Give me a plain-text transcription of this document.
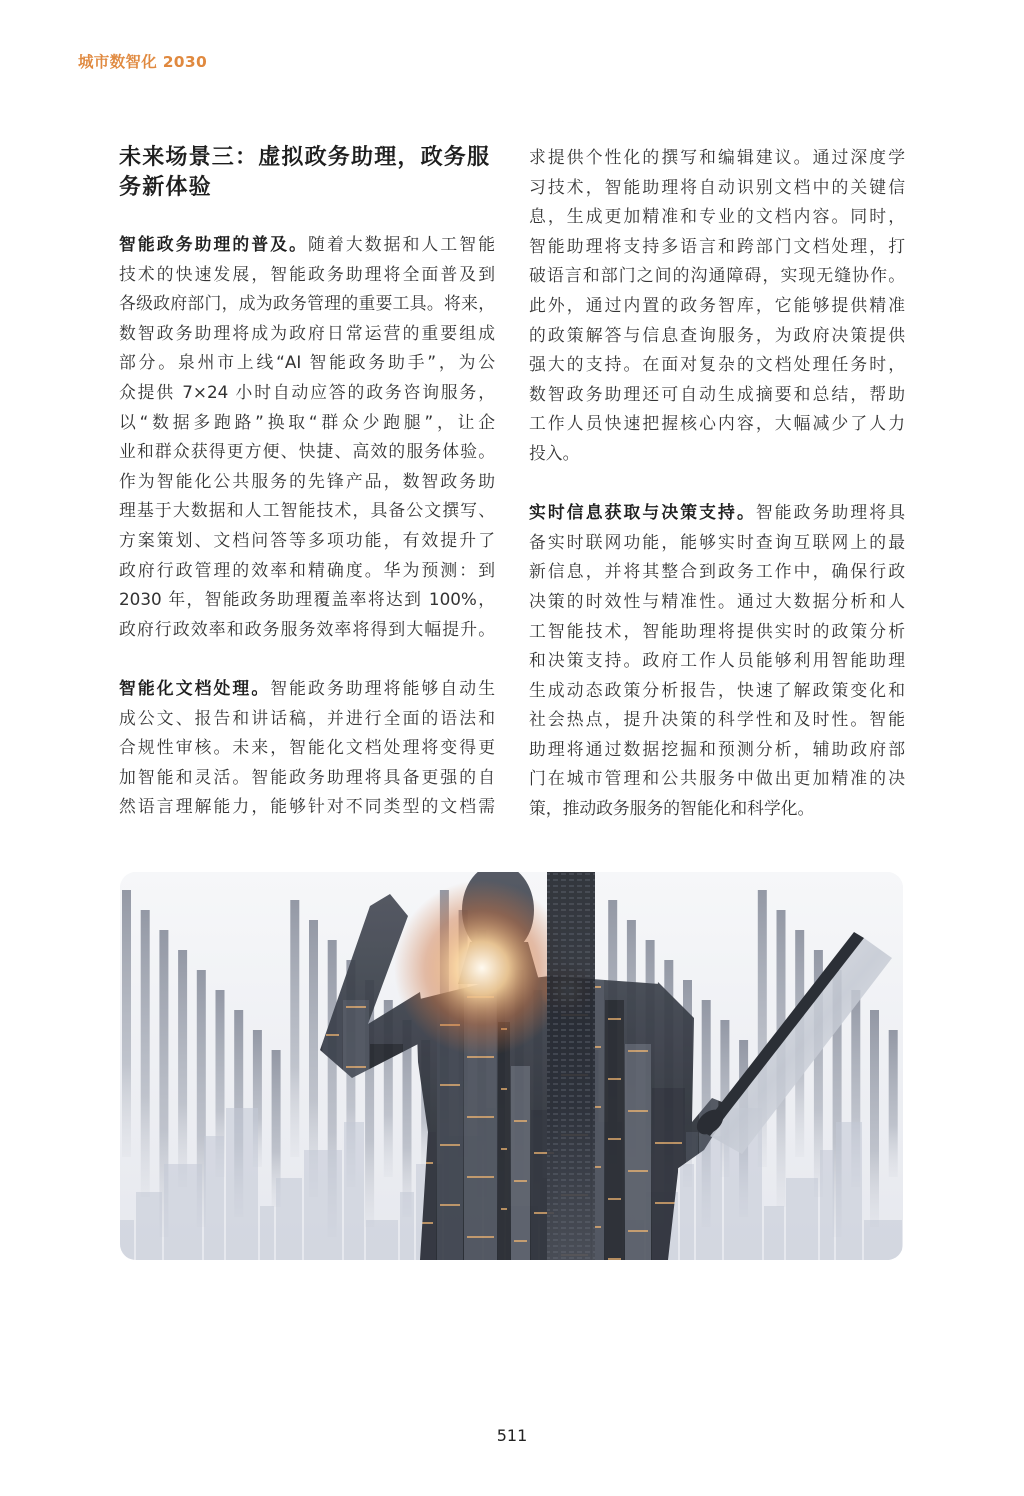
城市数智化 2030
未来场景三：虚拟政务助理，政务服务新体验
智能政务助理的普及。随着大数据和人工智能
技术的快速发展，智能政务助理将全面普及到
各级政府部门，成为政务管理的重要工具。将来，
数智政务助理将成为政府日常运营的重要组成
部分。泉州市上线“AI 智能政务助手”，为公
众提供 7×24 小时自动应答的政务咨询服务，
以“数据多跑路”换取“群众少跑腿”，让企
业和群众获得更方便、快捷、高效的服务体验。
作为智能化公共服务的先锋产品，数智政务助
理基于大数据和人工智能技术，具备公文撰写、
方案策划、文档问答等多项功能，有效提升了
政府行政管理的效率和精确度。华为预测：到
2030 年，智能政务助理覆盖率将达到 100%，
政府行政效率和政务服务效率将得到大幅提升。
智能化文档处理。智能政务助理将能够自动生
成公文、报告和讲话稿，并进行全面的语法和
合规性审核。未来，智能化文档处理将变得更
加智能和灵活。智能政务助理将具备更强的自
然语言理解能力，能够针对不同类型的文档需
求提供个性化的撰写和编辑建议。通过深度学
习技术，智能助理将自动识别文档中的关键信
息，生成更加精准和专业的文档内容。同时，
智能助理将支持多语言和跨部门文档处理，打
破语言和部门之间的沟通障碍，实现无缝协作。
此外，通过内置的政务智库，它能够提供精准
的政策解答与信息查询服务，为政府决策提供
强大的支持。在面对复杂的文档处理任务时，
数智政务助理还可自动生成摘要和总结，帮助
工作人员快速把握核心内容，大幅减少了人力
投入。
实时信息获取与决策支持。智能政务助理将具
备实时联网功能，能够实时查询互联网上的最
新信息，并将其整合到政务工作中，确保行政
决策的时效性与精准性。通过大数据分析和人
工智能技术，智能助理将提供实时的政策分析
和决策支持。政府工作人员能够利用智能助理
生成动态政策分析报告，快速了解政策变化和
社会热点，提升决策的科学性和及时性。智能
助理将通过数据挖掘和预测分析，辅助政府部
门在城市管理和公共服务中做出更加精准的决
策，推动政务服务的智能化和科学化。
511
